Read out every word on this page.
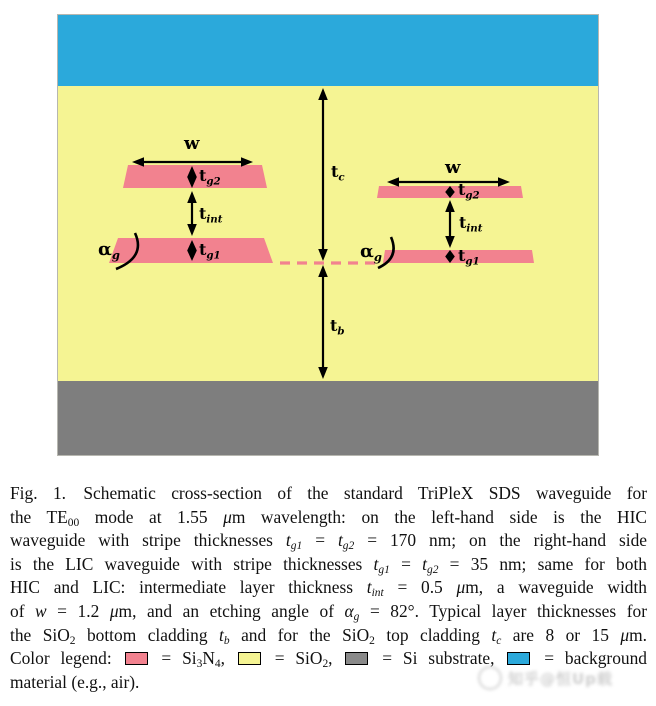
w
w
$t_{g2}$
$t_{int}$
$t_{g1}$
$t_c$
$t_b$
$t_{g2}$
$t_{int}$
$t_{g1}$
$\alpha_g$	$\alpha_g$
Fig. 1.  Schematic cross-section of the standard TriPleX SDS waveguide for
the $TE_{00}$ mode at 1.55 μm wavelength: on the left-hand side is the HIC
waveguide with stripe thicknesses $t_{g1} = t_{g2} = 170$ nm; on the right-hand side
is the LIC waveguide with stripe thicknesses $t_{g1} = t_{g2} = 35$ nm; same for both
HIC and LIC: intermediate layer thickness $t_{int} = 0.5$ μm, a waveguide width
of w = 1.2 μm, and an etching angle of $\alpha_g = 82^\circ$. Typical layer thicknesses for
the SiO$_2$ bottom cladding $t_b$ and for the SiO$_2$ top cladding $t_c$ are 8 or 15 μm.
Color legend:  = $Si_3N_4$,  = SiO$_2$,  = Si substrate,  = background
material (e.g., air).	知乎@恒Up载
